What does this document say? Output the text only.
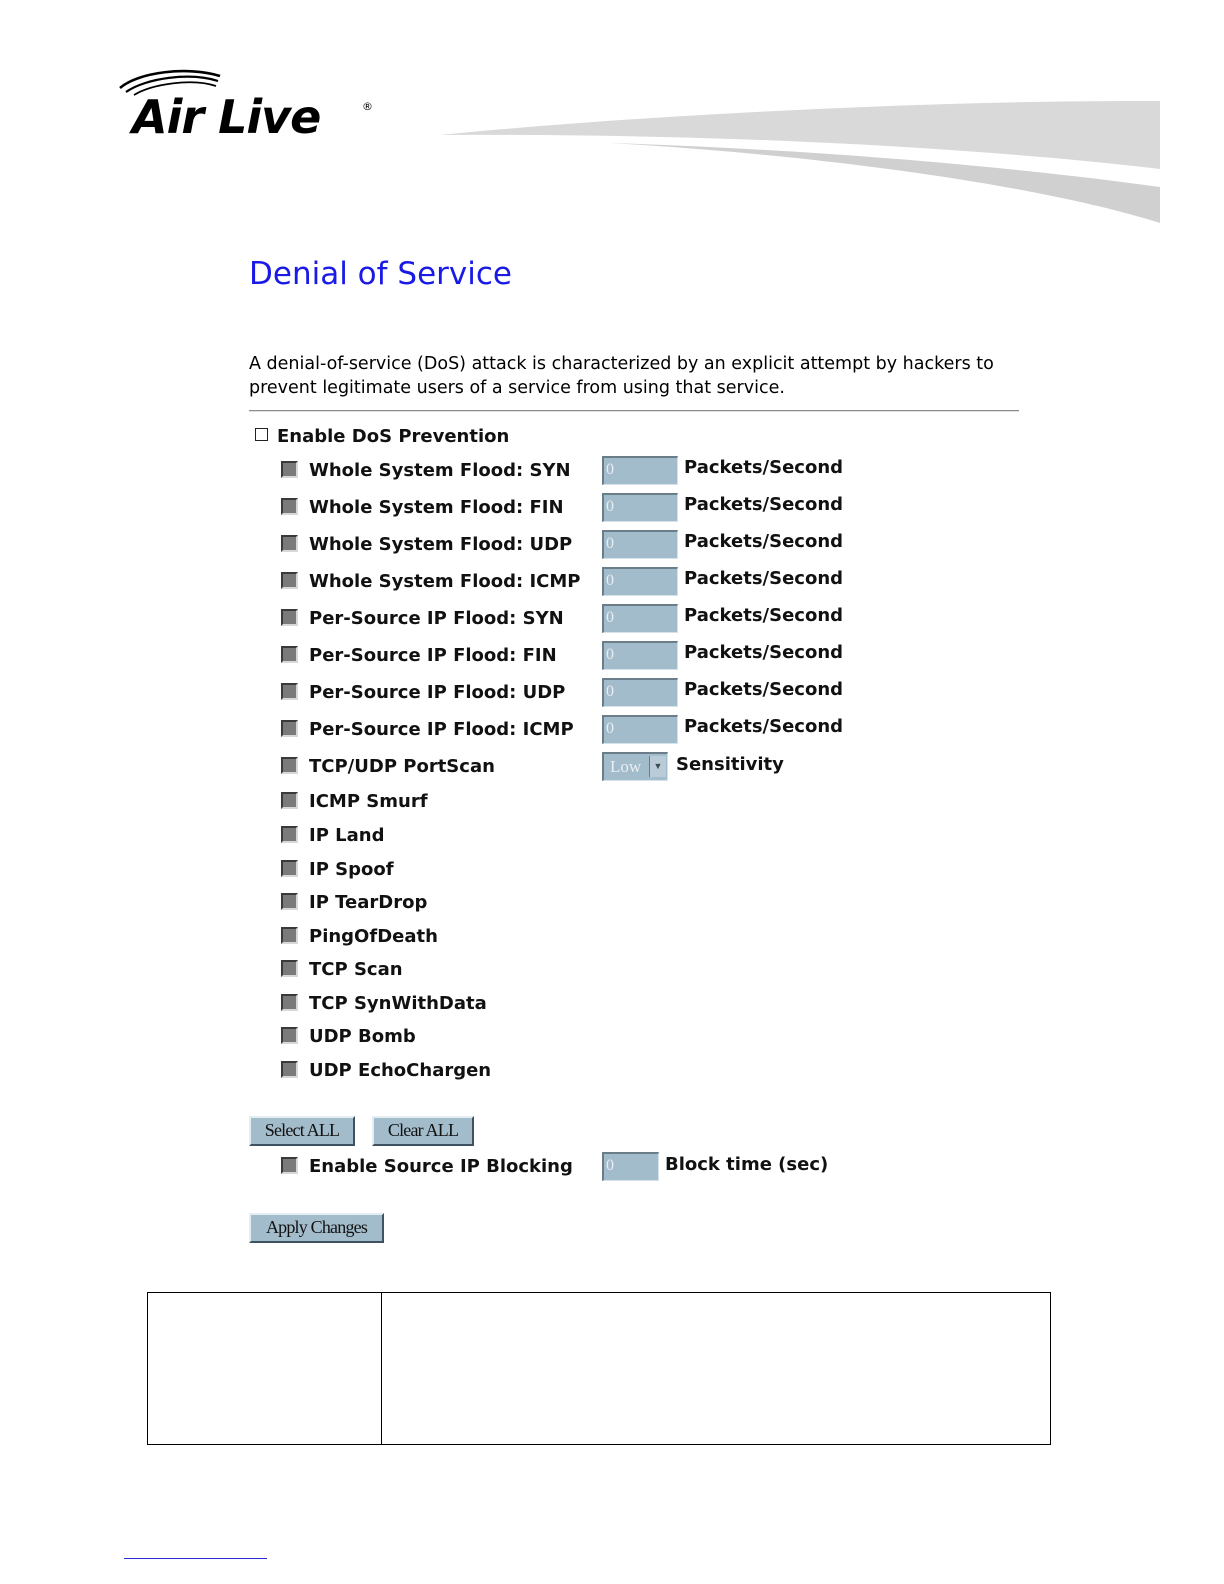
Air Live	®
Denial of Service
A denial-of-service (DoS) attack is characterized by an explicit attempt by hackers to prevent legitimate users of a service from using that service.
Enable DoS Prevention
Whole System Flood: SYN 0	Packets/Second
Whole System Flood: FIN	0	Packets/Second
Whole System Flood: UDP 0	Packets/Second
Whole System Flood: ICMP 0	Packets/Second
Per-Source IP Flood: SYN	0	Packets/Second
Per-Source IP Flood: FIN	0	Packets/Second
Per-Source IP Flood: UDP	0	Packets/Second
Per-Source IP Flood: ICMP 0	Packets/Second
TCP/UDP PortScan	Low	▼ Sensitivity
ICMP Smurf
IP Land
IP Spoof
IP TearDrop
PingOfDeath
TCP Scan
TCP SynWithData
UDP Bomb
UDP EchoChargen
Select ALL	Clear ALL
Enable Source IP Blocking 0	Block time (sec)
Apply Changes
